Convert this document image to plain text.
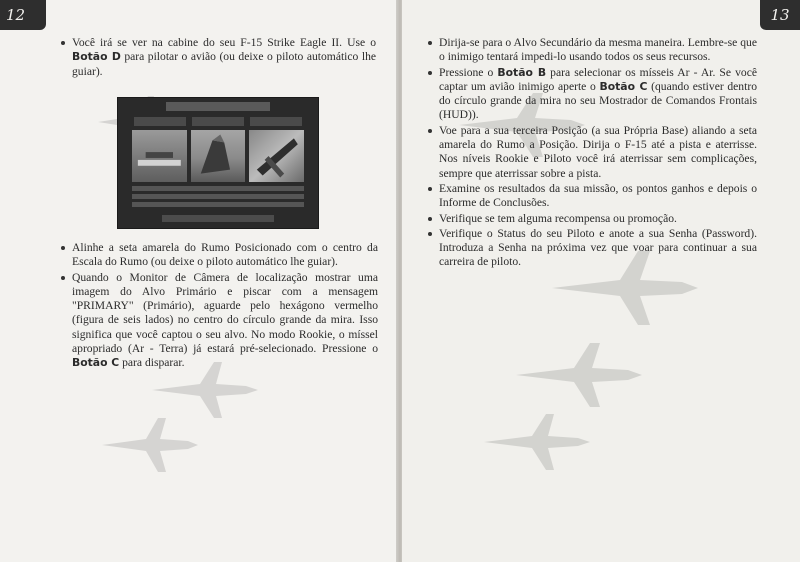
12
Você irá se ver na cabine do seu F-15 Strike Eagle II. Use o Botão D para pilotar o avião (ou deixe o piloto automático lhe guiar).
Alinhe a seta amarela do Rumo Posicionado com o centro da Escala do Rumo (ou deixe o piloto automático lhe guiar).
Quando o Monitor de Câmera de localização mostrar uma imagem do Alvo Primário e piscar com a mensagem "PRIMARY" (Primário), aguarde pelo hexágono vermelho (figura de seis lados) no centro do círculo grande da mira. Isso significa que você captou o seu alvo. No modo Rookie, o míssel apropriado (Ar - Terra) já estará pré-selecionado. Pressione o Botão C para disparar.
13
Dirija-se para o Alvo Secundário da mesma maneira. Lembre-se que o inimigo tentará impedi-lo usando todos os seus recursos.
Pressione o Botão B para selecionar os mísseis Ar - Ar. Se você captar um avião inimigo aperte o Botão C (quando estiver dentro do círculo grande da mira no seu Mostrador de Comandos Frontais (HUD)).
Voe para a sua terceira Posição (a sua Própria Base) aliando a seta amarela do Rumo a Posição. Dirija o F-15 até a pista e aterrisse. Nos níveis Rookie e Piloto você irá aterrissar sem complicações, sempre que aterrissar sobre a pista.
Examine os resultados da sua missão, os pontos ganhos e depois o Informe de Conclusões.
Verifique se tem alguma recompensa ou promoção.
Verifique o Status do seu Piloto e anote a sua Senha (Password). Introduza a Senha na próxima vez que voar para continuar a sua carreira de piloto.
